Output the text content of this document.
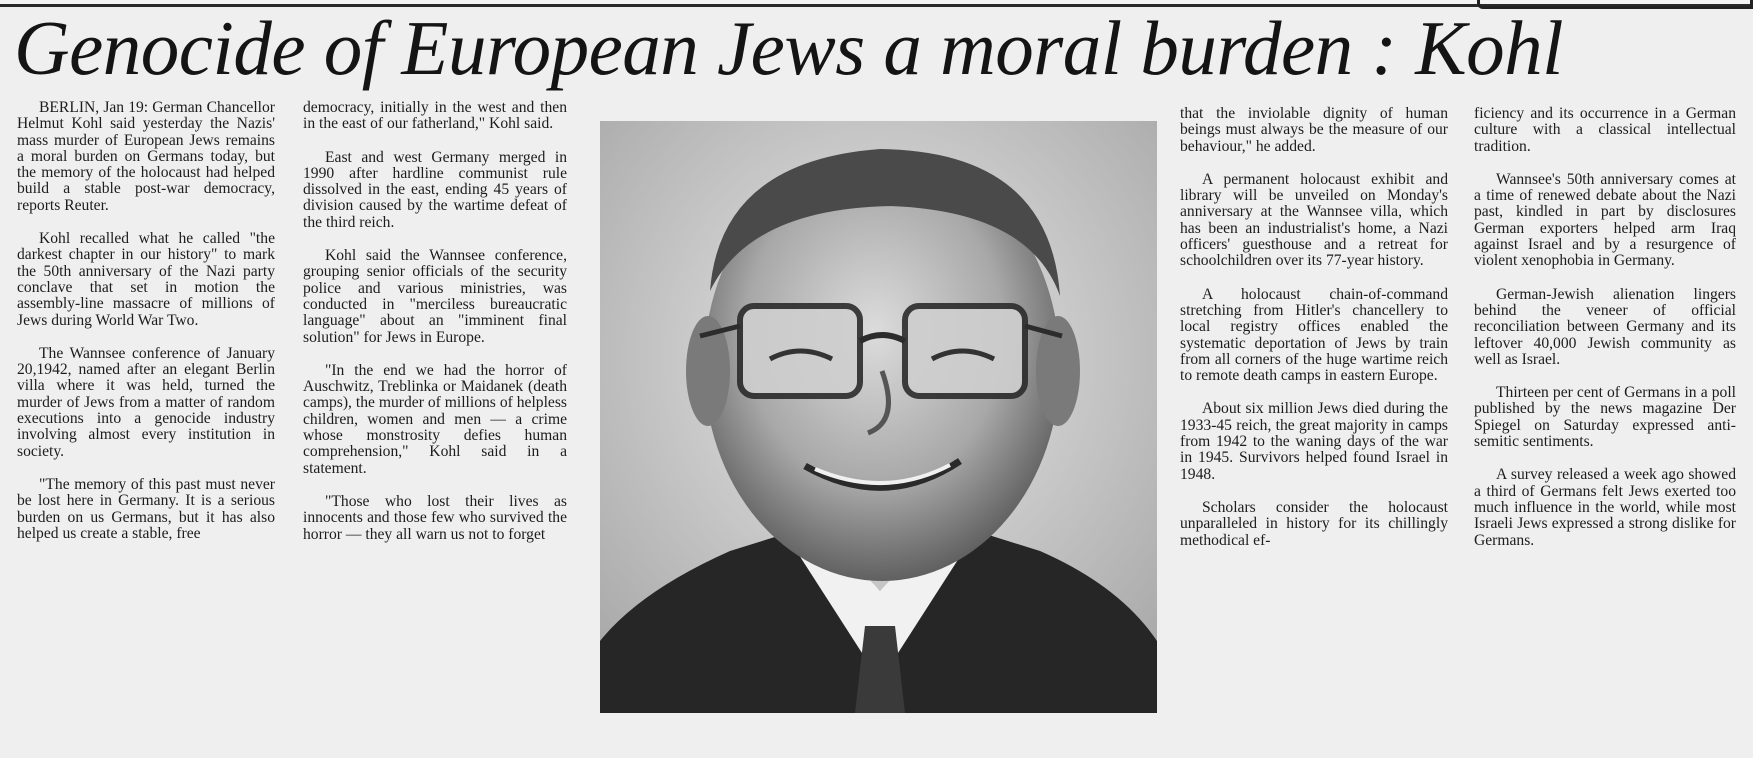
Genocide of European Jews a moral burden : Kohl

BERLIN, Jan 19: German Chancellor Helmut Kohl said yesterday the Nazis' mass murder of European Jews remains a moral burden on Germans today, but the memory of the holocaust had helped build a stable post-war democracy, reports Reuter.

Kohl recalled what he called "the darkest chapter in our history" to mark the 50th anniversary of the Nazi party conclave that set in motion the assembly-line massacre of millions of Jews during World War Two.

The Wannsee conference of January 20,1942, named after an elegant Berlin villa where it was held, turned the murder of Jews from a matter of random executions into a genocide industry involving almost every institution in society.

"The memory of this past must never be lost here in Germany. It is a serious burden on us Germans, but it has also helped us create a stable, free

democracy, initially in the west and then in the east of our fatherland," Kohl said.

East and west Germany merged in 1990 after hardline communist rule dissolved in the east, ending 45 years of division caused by the wartime defeat of the third reich.

Kohl said the Wannsee conference, grouping senior officials of the security police and various ministries, was conducted in "merciless bureaucratic language" about an "imminent final solution" for Jews in Europe.

"In the end we had the horror of Auschwitz, Treblinka or Maidanek (death camps), the murder of millions of helpless children, women and men — a crime whose monstrosity defies human comprehension," Kohl said in a statement.

"Those who lost their lives as innocents and those few who survived the horror — they all warn us not to forget

that the inviolable dignity of human beings must always be the measure of our behaviour," he added.

A permanent holocaust exhibit and library will be unveiled on Monday's anniversary at the Wannsee villa, which has been an industrialist's home, a Nazi officers' guesthouse and a retreat for schoolchildren over its 77-year history.

A holocaust chain-of-command stretching from Hitler's chancellery to local registry offices enabled the systematic deportation of Jews by train from all corners of the huge wartime reich to remote death camps in eastern Europe.

About six million Jews died during the 1933-45 reich, the great majority in camps from 1942 to the waning days of the war in 1945. Survivors helped found Israel in 1948.

Scholars consider the holocaust unparalleled in history for its chillingly methodical ef-

ficiency and its occurrence in a German culture with a classical intellectual tradition.

Wannsee's 50th anniversary comes at a time of renewed debate about the Nazi past, kindled in part by disclosures German exporters helped arm Iraq against Israel and by a resurgence of violent xenophobia in Germany.

German-Jewish alienation lingers behind the veneer of official reconciliation between Germany and its leftover 40,000 Jewish community as well as Israel.

Thirteen per cent of Germans in a poll published by the news magazine Der Spiegel on Saturday expressed anti-semitic sentiments.

A survey released a week ago showed a third of Germans felt Jews exerted too much influence in the world, while most Israeli Jews expressed a strong dislike for Germans.
